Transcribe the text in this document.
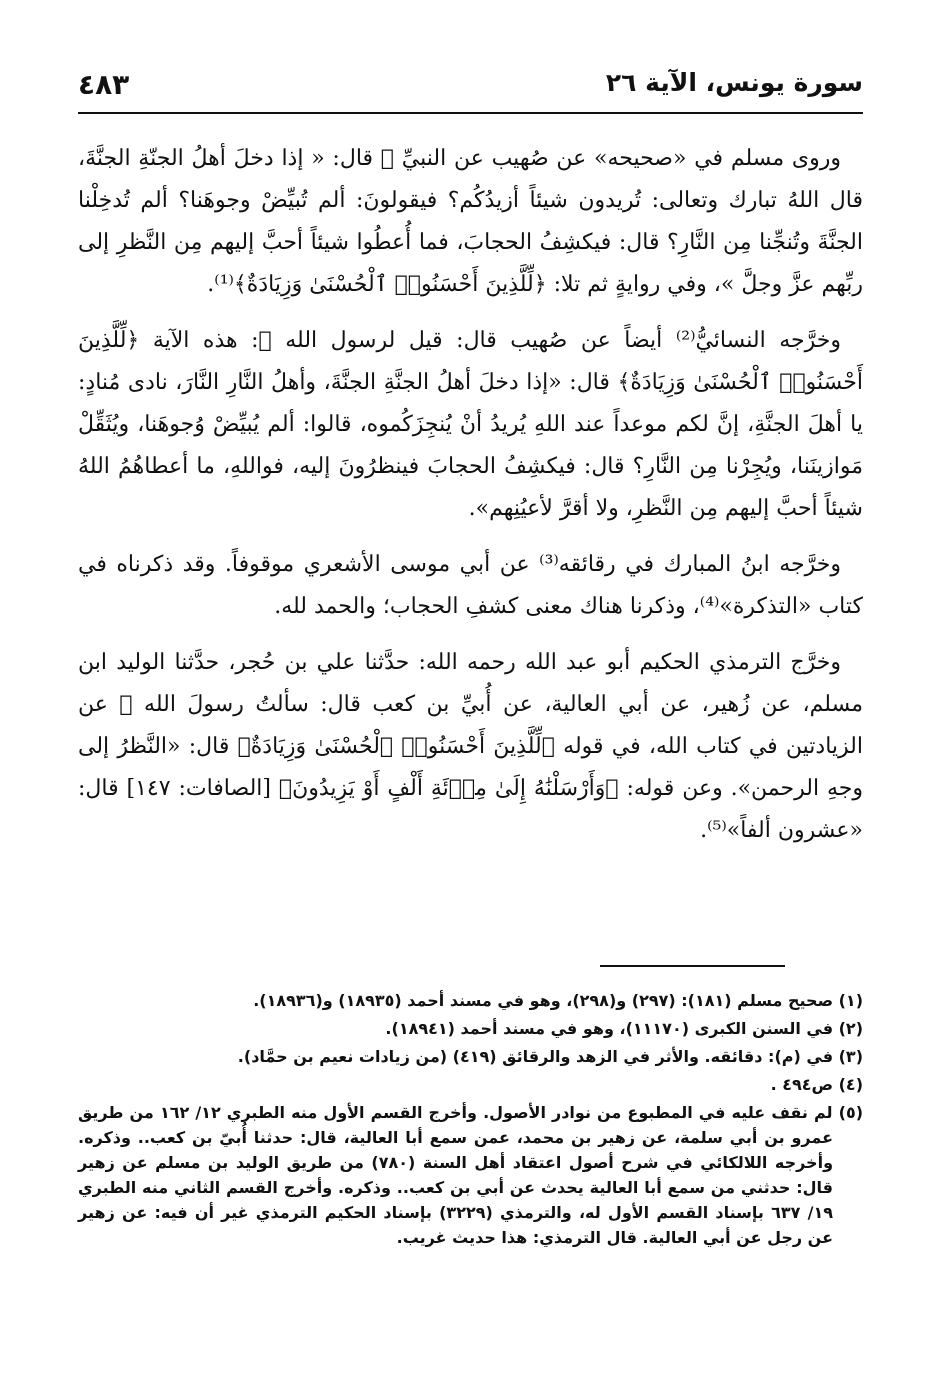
سورة يونس، الآية ٢٦
٤٨٣

وروى مسلم في «صحيحه» عن صُهيب عن النبيِّ ﷺ قال: « إذا دخلَ أهلُ الجنّةِ الجنَّةَ، قال اللهُ تبارك وتعالى: تُريدون شيئاً أزيدُكُم؟ فيقولونَ: ألم تُبيِّضْ وجوهَنا؟ ألم تُدخِلْنا الجنَّةَ وتُنجِّنا مِن النَّارِ؟ قال: فيكشِفُ الحجابَ، فما أُعطُوا شيئاً أحبَّ إليهم مِن النَّظرِ إلى ربِّهم عزَّ وجلَّ »، وفي روايةٍ ثم تلا: ﴿لِّلَّذِينَ أَحْسَنُوا۟ ٱلْحُسْنَىٰ وَزِيَادَةٌ﴾⁽¹⁾.

وخرَّجه النسائيُّ⁽²⁾ أيضاً عن صُهيب قال: قيل لرسول الله ﷺ: هذه الآية ﴿لِّلَّذِينَ أَحْسَنُوا۟ ٱلْحُسْنَىٰ وَزِيَادَةٌ﴾ قال: «إذا دخلَ أهلُ الجنَّةِ الجنَّةَ، وأهلُ النَّارِ النَّارَ، نادى مُنادٍ: يا أهلَ الجنَّةِ، إنَّ لكم موعداً عند اللهِ يُريدُ أنْ يُنجِزَكُموه، قالوا: ألم يُبيِّضْ وُجوهَنا، ويُثَقِّلْ مَوازينَنا، ويُجِرْنا مِن النَّارِ؟ قال: فيكشِفُ الحجابَ فينظرُونَ إليه، فواللهِ، ما أعطاهُمُ اللهُ شيئاً أحبَّ إليهم مِن النَّظرِ، ولا أقرَّ لأعيُنِهم».

وخرَّجه ابنُ المبارك في رقائقه⁽³⁾ عن أبي موسى الأشعري موقوفاً. وقد ذكرناه في كتاب «التذكرة»⁽⁴⁾، وذكرنا هناك معنى كشفِ الحجاب؛ والحمد لله.

وخرَّج الترمذي الحكيم أبو عبد الله رحمه الله: حدَّثنا علي بن حُجر، حدَّثنا الوليد ابن مسلم، عن زُهير، عن أبي العالية، عن أُبيِّ بن كعب قال: سألتُ رسولَ الله ﷺ عن الزيادتين في كتاب الله، في قوله ﴿لِّلَّذِينَ أَحْسَنُوا۟ ٱلْحُسْنَىٰ وَزِيَادَةٌ﴾ قال: «النَّظرُ إلى وجهِ الرحمن». وعن قوله: ﴿وَأَرْسَلْنَٰهُ إِلَىٰ مِا۟ئَةِ أَلْفٍ أَوْ يَزِيدُونَ﴾ [الصافات: ١٤٧] قال: «عشرون ألفاً»⁽⁵⁾.

(١) صحيح مسلم (١٨١): (٢٩٧) و(٢٩٨)، وهو في مسند أحمد (١٨٩٣٥) و(١٨٩٣٦).

(٢) في السنن الكبرى (١١١٧٠)، وهو في مسند أحمد (١٨٩٤١).

(٣) في (م): دقائقه. والأثر في الزهد والرقائق (٤١٩) (من زيادات نعيم بن حمَّاد).

(٤) ص٤٩٤ .

(٥) لم نقف عليه في المطبوع من نوادر الأصول. وأخرج القسم الأول منه الطبري ١٢/ ١٦٢ من طريق عمرو بن أبي سلمة، عن زهير بن محمد، عمن سمع أبا العالية، قال: حدثنا أُبيّ بن كعب.. وذكره. وأخرجه اللالكائي في شرح أصول اعتقاد أهل السنة (٧٨٠) من طريق الوليد بن مسلم عن زهير قال: حدثني من سمع أبا العالية يحدث عن أبي بن كعب.. وذكره. وأخرج القسم الثاني منه الطبري ١٩/ ٦٣٧ بإسناد القسم الأول له، والترمذي (٣٢٢٩) بإسناد الحكيم الترمذي غير أن فيه: عن زهير عن رجل عن أبي العالية. قال الترمذي: هذا حديث غريب.
